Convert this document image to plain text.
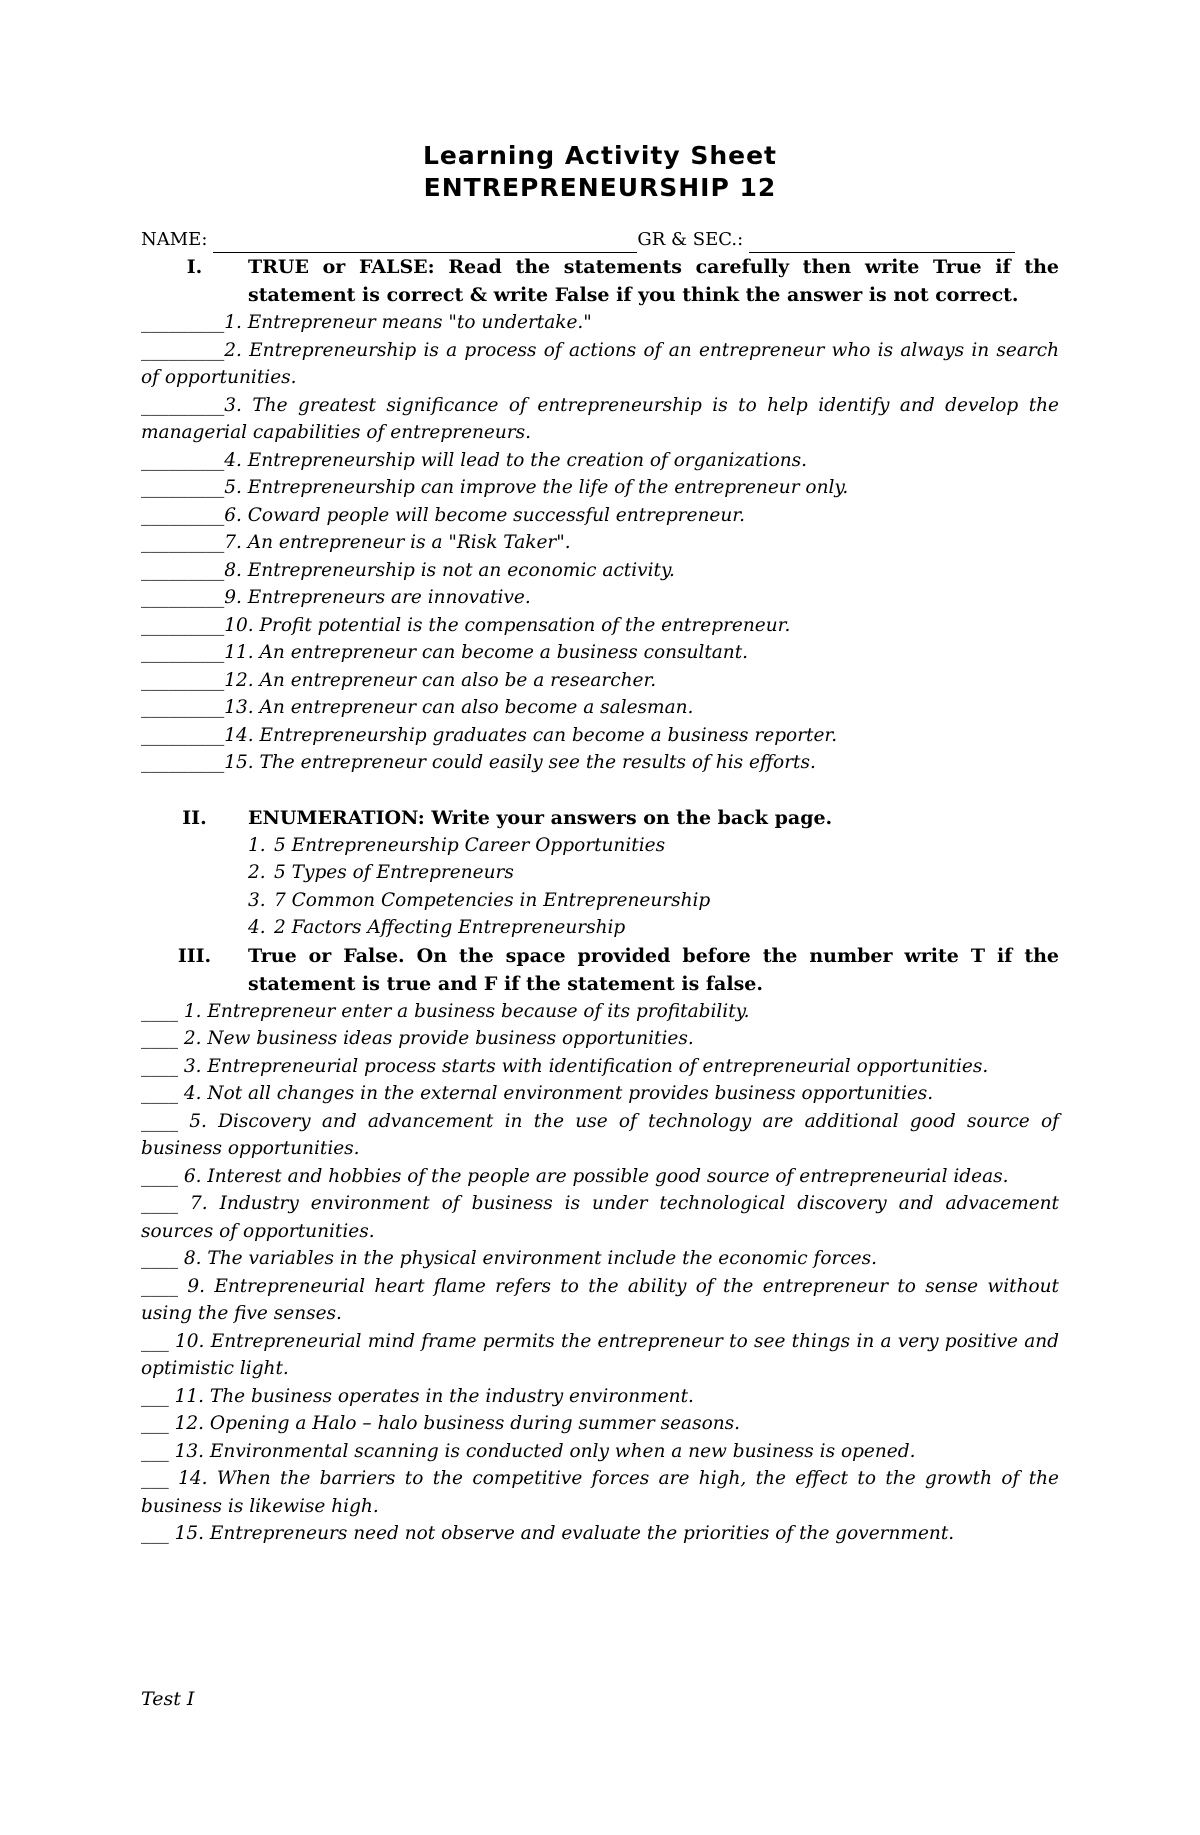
Learning Activity Sheet
ENTREPRENEURSHIP 12
NAME:	GR & SEC.:
I.	TRUE or FALSE: Read the statements carefully then write True if the statement is correct & write False if you think the answer is not correct.

_________1. Entrepreneur means "to undertake."

_________2. Entrepreneurship is a process of actions of an entrepreneur who is always in search of opportunities.

_________3. The greatest significance of entrepreneurship is to help identify and develop the managerial capabilities of entrepreneurs.

_________4. Entrepreneurship will lead to the creation of organizations.

_________5. Entrepreneurship can improve the life of the entrepreneur only.

_________6. Coward people will become successful entrepreneur.

_________7. An entrepreneur is a "Risk Taker".

_________8. Entrepreneurship is not an economic activity.

_________9. Entrepreneurs are innovative.

_________10. Profit potential is the compensation of the entrepreneur.

_________11. An entrepreneur can become a business consultant.

_________12. An entrepreneur can also be a researcher.

_________13. An entrepreneur can also become a salesman.

_________14. Entrepreneurship graduates can become a business reporter.

_________15. The entrepreneur could easily see the results of his efforts.

II.	ENUMERATION: Write your answers on the back page.
1. 5 Entrepreneurship Career Opportunities
2. 5 Types of Entrepreneurs
3. 7 Common Competencies in Entrepreneurship
4. 2 Factors Affecting Entrepreneurship
III.	True or False. On the space provided before the number write T if the statement is true and F if the statement is false.

____ 1. Entrepreneur enter a business because of its profitability.

____ 2. New business ideas provide business opportunities.

____ 3. Entrepreneurial process starts with identification of entrepreneurial opportunities.

____ 4. Not all changes in the external environment provides business opportunities.

____ 5. Discovery and advancement in the use of technology are additional good source of business opportunities.

____ 6. Interest and hobbies of the people are possible good source of entrepreneurial ideas.

____ 7. Industry environment of business is under technological discovery and advacement sources of opportunities.

____ 8. The variables in the physical environment include the economic forces.

____ 9. Entrepreneurial heart flame refers to the ability of the entrepreneur to sense without using the five senses.

___ 10. Entrepreneurial mind frame permits the entrepreneur to see things in a very positive and optimistic light.

___ 11. The business operates in the industry environment.

___ 12. Opening a Halo – halo business during summer seasons.

___ 13. Environmental scanning is conducted only when a new business is opened.

___ 14. When the barriers to the competitive forces are high, the effect to the growth of the business is likewise high.

___ 15. Entrepreneurs need not observe and evaluate the priorities of the government.

Test I
